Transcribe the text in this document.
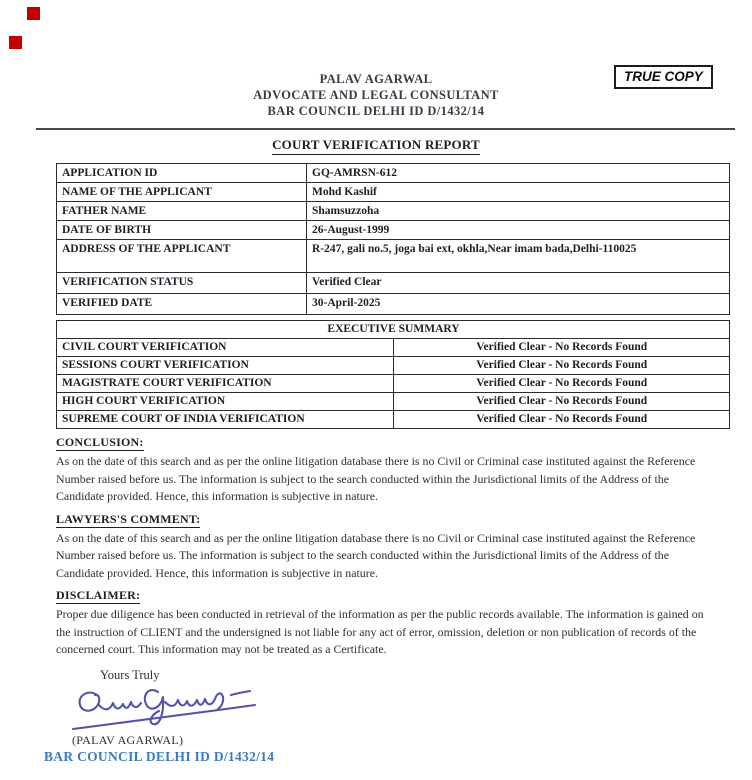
TRUE COPY
PALAV AGARWAL
ADVOCATE AND LEGAL CONSULTANT
BAR COUNCIL DELHI ID D/1432/14
COURT VERIFICATION REPORT
APPLICATION ID	GQ-AMRSN-612
NAME OF THE APPLICANT	Mohd Kashif
FATHER NAME	Shamsuzzoha
DATE OF BIRTH	26-August-1999
ADDRESS OF THE APPLICANT	R-247, gali no.5, joga bai ext, okhla,Near imam bada,Delhi-110025
VERIFICATION STATUS	Verified Clear
VERIFIED DATE	30-April-2025
EXECUTIVE SUMMARY	
CIVIL COURT VERIFICATION	Verified Clear - No Records Found
SESSIONS COURT VERIFICATION	Verified Clear - No Records Found
MAGISTRATE COURT VERIFICATION	Verified Clear - No Records Found
HIGH COURT VERIFICATION	Verified Clear - No Records Found
SUPREME COURT OF INDIA VERIFICATION	Verified Clear - No Records Found
CONCLUSION:

As on the date of this search and as per the online litigation database there is no Civil or Criminal case instituted against the Reference Number raised before us. The information is subject to the search conducted within the Jurisdictional limits of the Address of the Candidate provided. Hence, this information is subjective in nature.

LAWYERS'S COMMENT:

As on the date of this search and as per the online litigation database there is no Civil or Criminal case instituted against the Reference Number raised before us. The information is subject to the search conducted within the Jurisdictional limits of the Address of the Candidate provided. Hence, this information is subjective in nature.

DISCLAIMER:

Proper due diligence has been conducted in retrieval of the information as per the public records available. The information is gained on the instruction of CLIENT and the undersigned is not liable for any act of error, omission, deletion or non publication of records of the concerned court. This information may not be treated as a Certificate.

Yours Truly
(PALAV AGARWAL)
BAR COUNCIL DELHI ID D/1432/14
